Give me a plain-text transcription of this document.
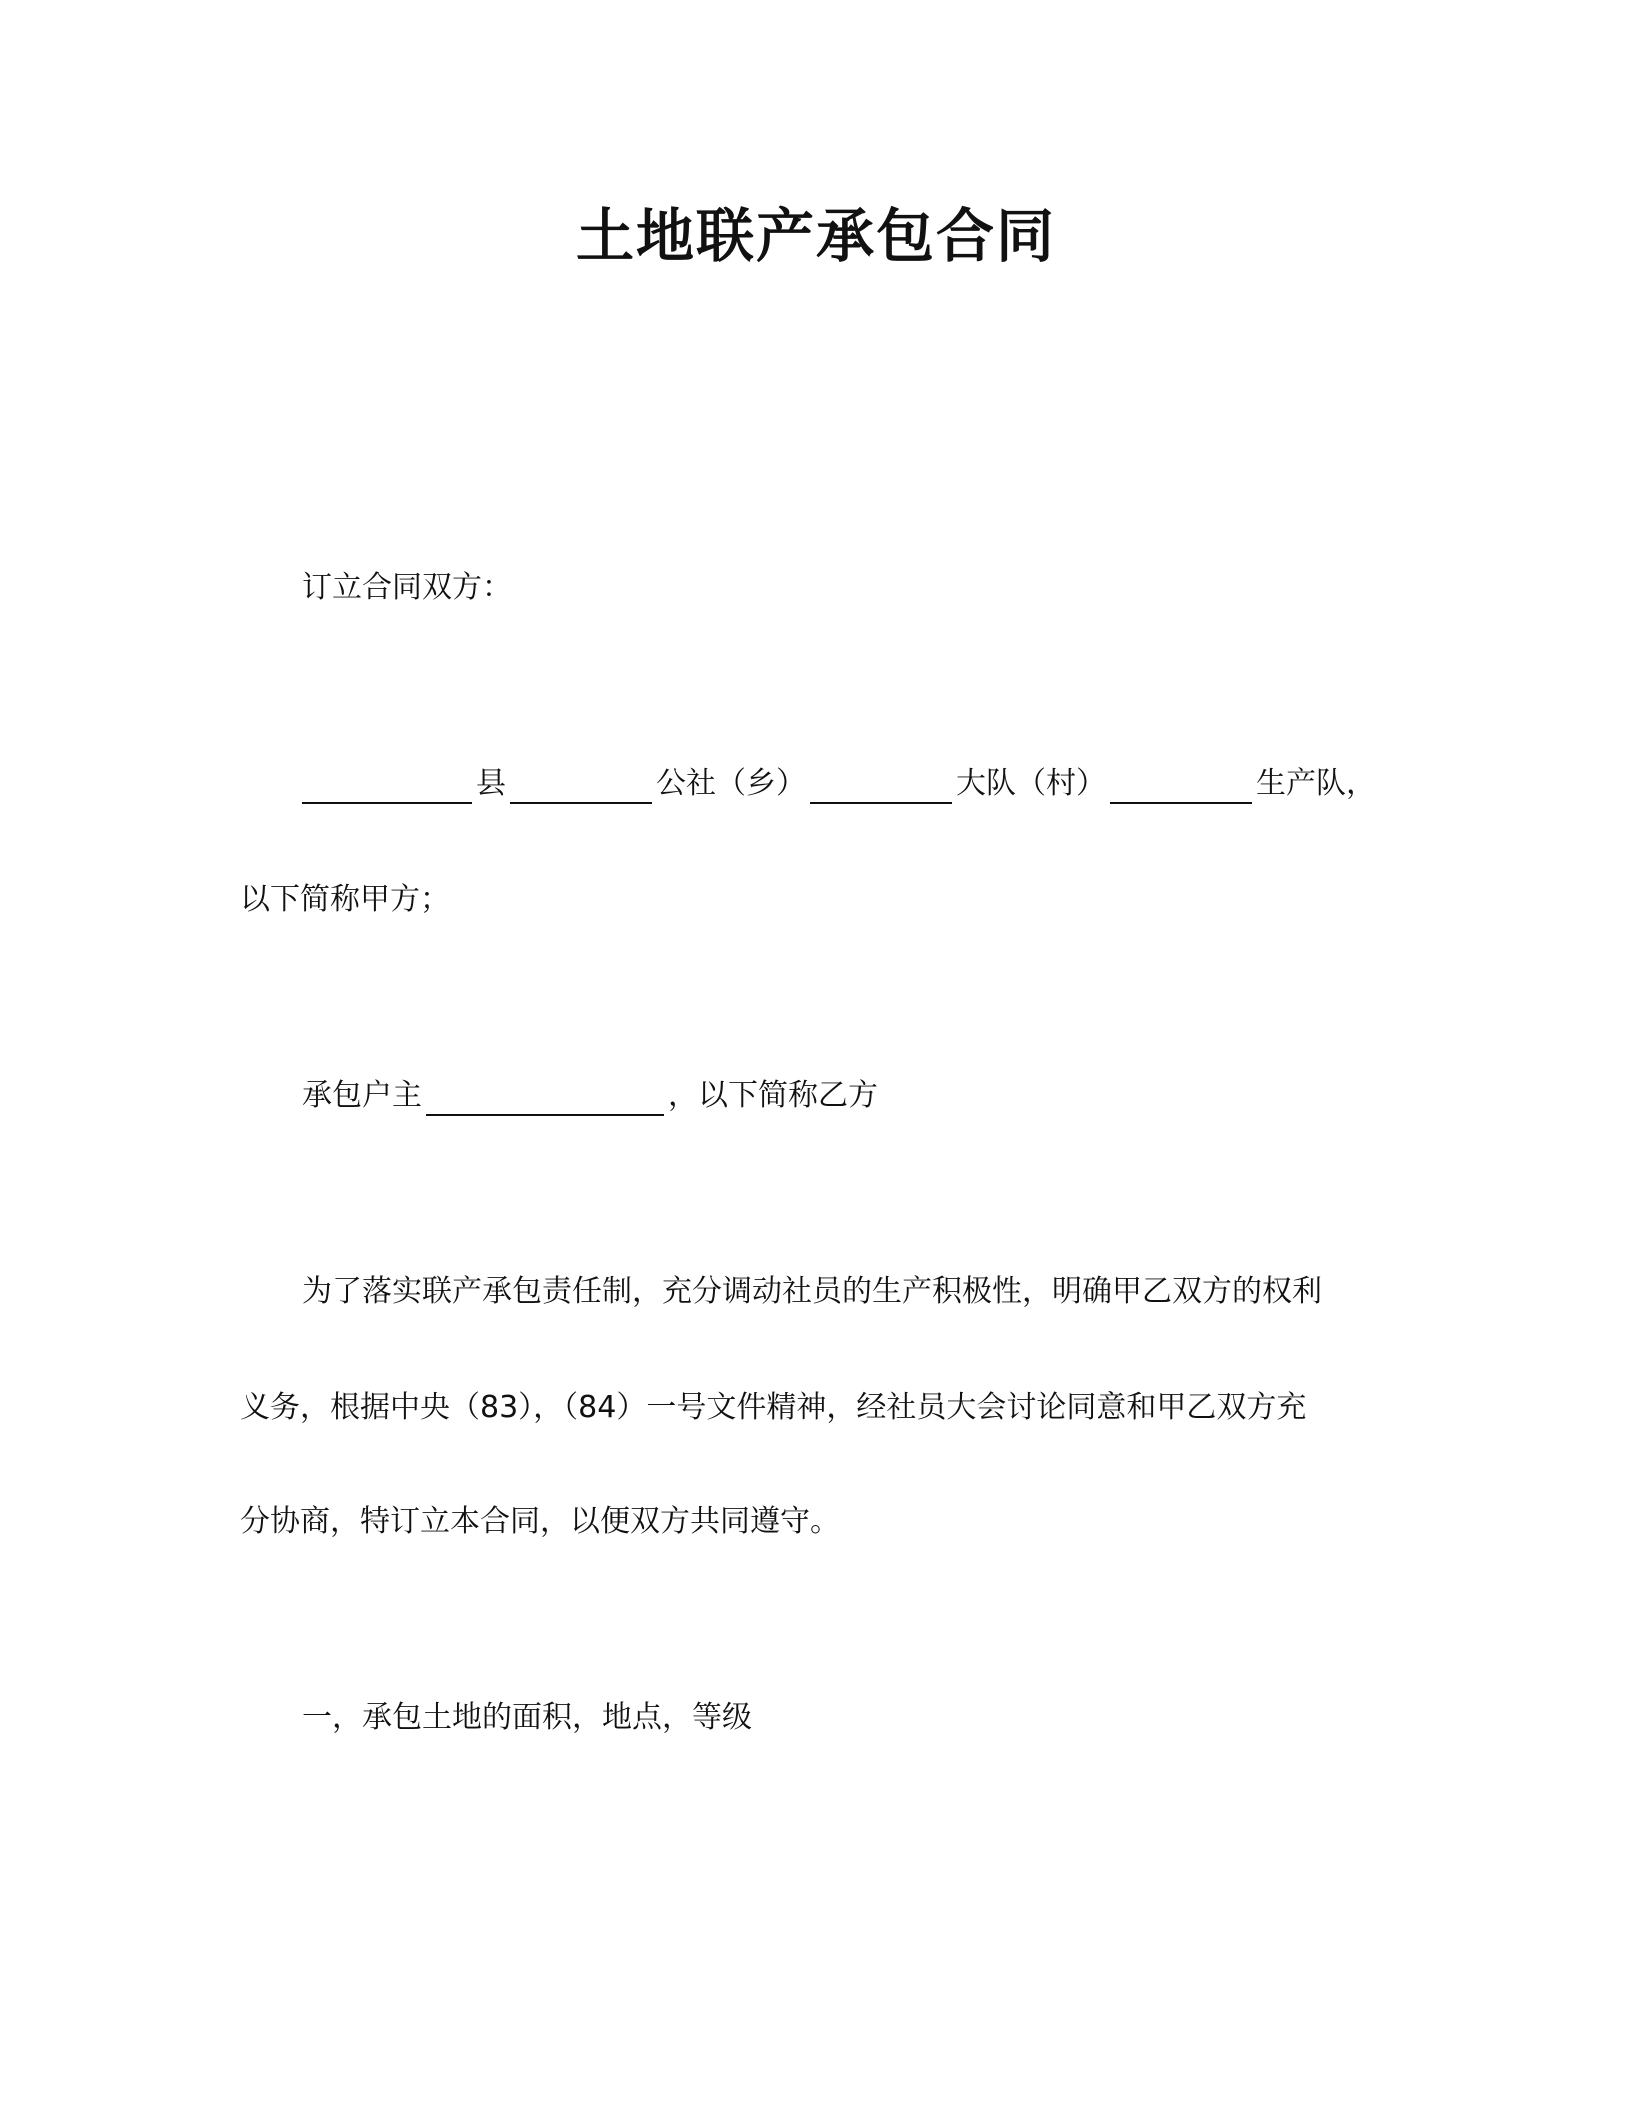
土地联产承包合同
订立合同双方：
县	公社（乡）	大队（村）	生产队，
以下简称甲方；
承包户主	，以下简称乙方
为了落实联产承包责任制，充分调动社员的生产积极性，明确甲乙双方的权利
义务，根据中央（83），（84）一号文件精神，经社员大会讨论同意和甲乙双方充
分协商，特订立本合同，以便双方共同遵守。
一，承包土地的面积，地点，等级
